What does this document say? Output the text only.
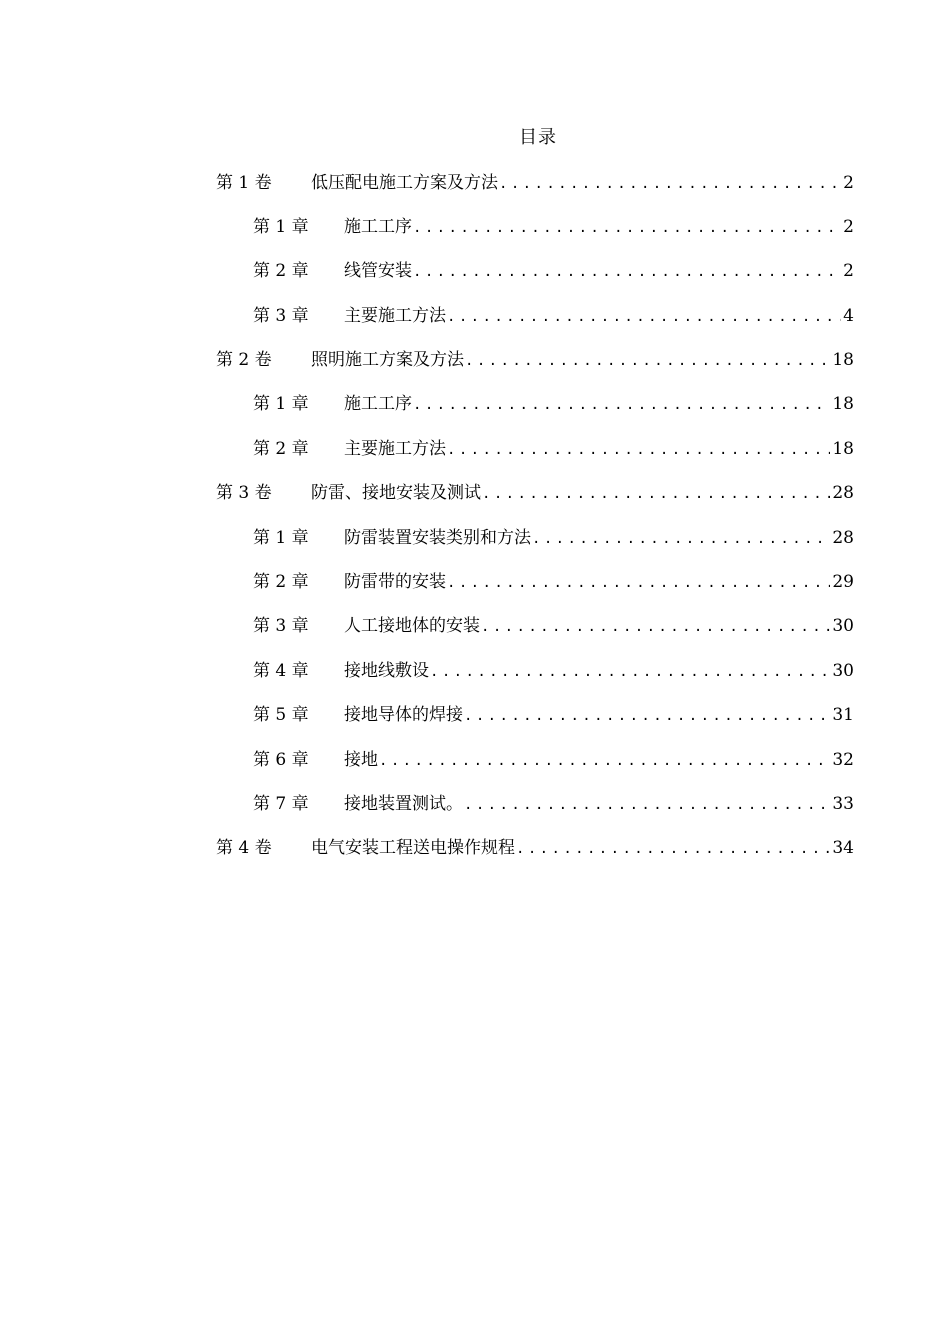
目录
第 1 卷	低压配电施工方案及方法 .....	2
第 1 章	施工工序 .....	2
第 2 章	线管安装 .....	2
第 3 章	主要施工方法 .....	4
第 2 卷	照明施工方案及方法 .....	18
第 1 章	施工工序 .....	18
第 2 章	主要施工方法 .....	18
第 3 卷	防雷、接地安装及测试 .....	28
第 1 章	防雷装置安装类别和方法 .....	28
第 2 章	防雷带的安装 .....	29
第 3 章	人工接地体的安装 .....	30
第 4 章	接地线敷设 .....	30
第 5 章	接地导体的焊接 .....	31
第 6 章	接地 .....	32
第 7 章	接地装置测试。 .....	33
第 4 卷	电气安装工程送电操作规程 .....	34
